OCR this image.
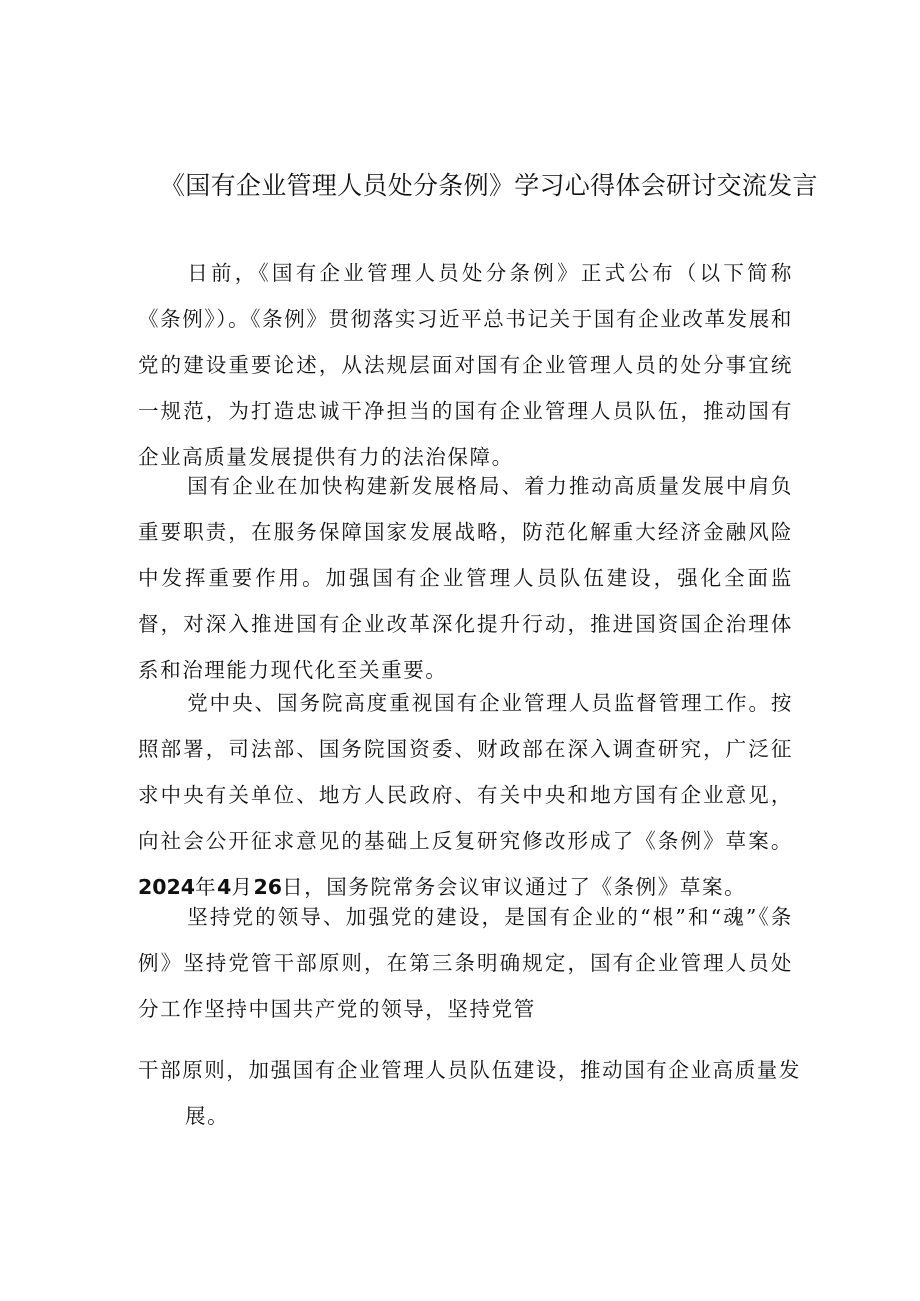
《国有企业管理人员处分条例》学习心得体会研讨交流发言

日前，《国有企业管理人员处分条例》正式公布（以下简称《条例》）。《条例》贯彻落实习近平总书记关于国有企业改革发展和党的建设重要论述，从法规层面对国有企业管理人员的处分事宜统一规范，为打造忠诚干净担当的国有企业管理人员队伍，推动国有企业高质量发展提供有力的法治保障。

国有企业在加快构建新发展格局、着力推动高质量发展中肩负重要职责，在服务保障国家发展战略，防范化解重大经济金融风险中发挥重要作用。加强国有企业管理人员队伍建设，强化全面监督，对深入推进国有企业改革深化提升行动，推进国资国企治理体系和治理能力现代化至关重要。

党中央、国务院高度重视国有企业管理人员监督管理工作。按照部署，司法部、国务院国资委、财政部在深入调查研究，广泛征求中央有关单位、地方人民政府、有关中央和地方国有企业意见，向社会公开征求意见的基础上反复研究修改形成了《条例》草案。2024年4月26日，国务院常务会议审议通过了《条例》草案。

坚持党的领导、加强党的建设，是国有企业的“根”和“魂”《条例》坚持党管干部原则，在第三条明确规定，国有企业管理人员处分工作坚持中国共产党的领导，坚持党管

干部原则，加强国有企业管理人员队伍建设，推动国有企业高质量发

展。
